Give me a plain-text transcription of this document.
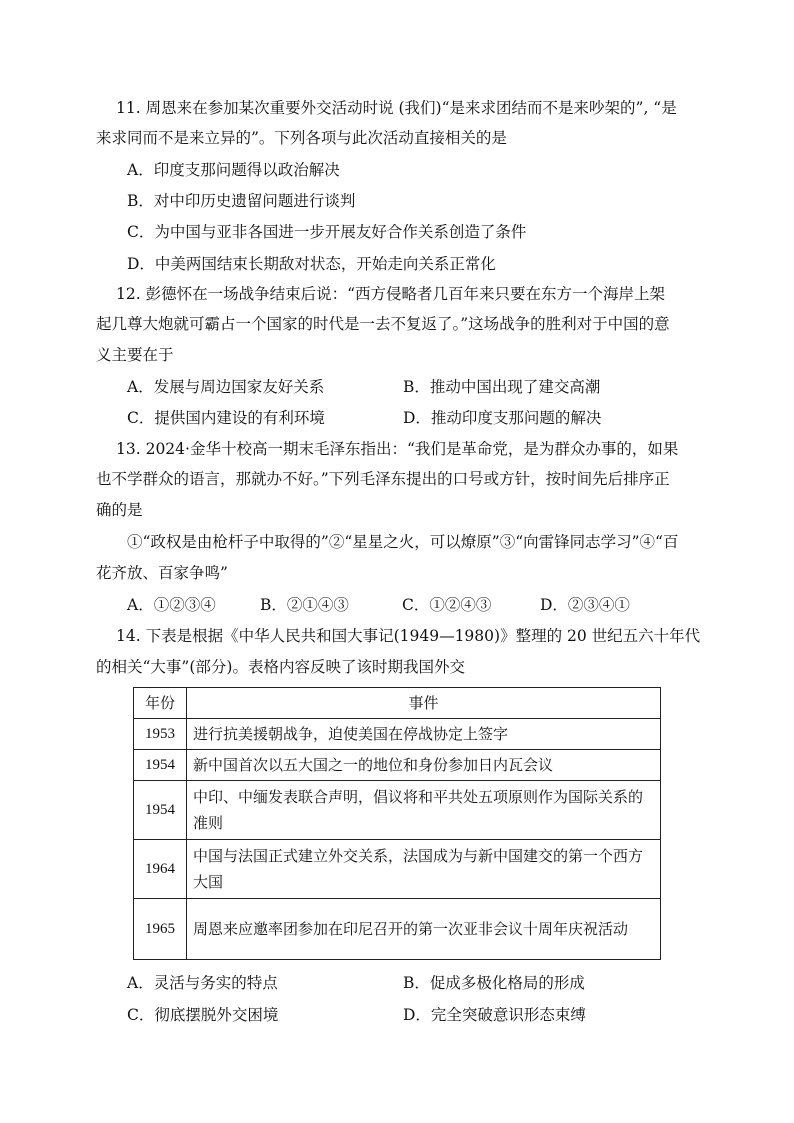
11. 周恩来在参加某次重要外交活动时说 (我们)“是来求团结而不是来吵架的”, “是
来求同而不是来立异的”。下列各项与此次活动直接相关的是
A．印度支那问题得以政治解决
B．对中印历史遗留问题进行谈判
C．为中国与亚非各国进一步开展友好合作关系创造了条件
D．中美两国结束长期敌对状态，开始走向关系正常化
12. 彭德怀在一场战争结束后说：“西方侵略者几百年来只要在东方一个海岸上架
起几尊大炮就可霸占一个国家的时代是一去不复返了。”这场战争的胜利对于中国的意
义主要在于
A．发展与周边国家友好关系	B．推动中国出现了建交高潮
C．提供国内建设的有利环境	D．推动印度支那问题的解决
13. 2024·金华十校高一期末毛泽东指出：“我们是革命党，是为群众办事的，如果
也不学群众的语言，那就办不好。”下列毛泽东提出的口号或方针，按时间先后排序正
确的是
①“政权是由枪杆子中取得的”②“星星之火，可以燎原”③“向雷锋同志学习”④“百
花齐放、百家争鸣”
A．①②③④	B．②①④③	C．①②④③	D．②③④①
14. 下表是根据《中华人民共和国大事记(1949—1980)》整理的 20 世纪五六十年代
的相关“大事”(部分)。表格内容反映了该时期我国外交
年份	事件
1953	进行抗美援朝战争，迫使美国在停战协定上签字
1954	新中国首次以五大国之一的地位和身份参加日内瓦会议
1954	中印、中缅发表联合声明，倡议将和平共处五项原则作为国际关系的准则
1964	中国与法国正式建立外交关系，法国成为与新中国建交的第一个西方大国
1965	周恩来应邀率团参加在印尼召开的第一次亚非会议十周年庆祝活动
A．灵活与务实的特点	B．促成多极化格局的形成
C．彻底摆脱外交困境	D．完全突破意识形态束缚
